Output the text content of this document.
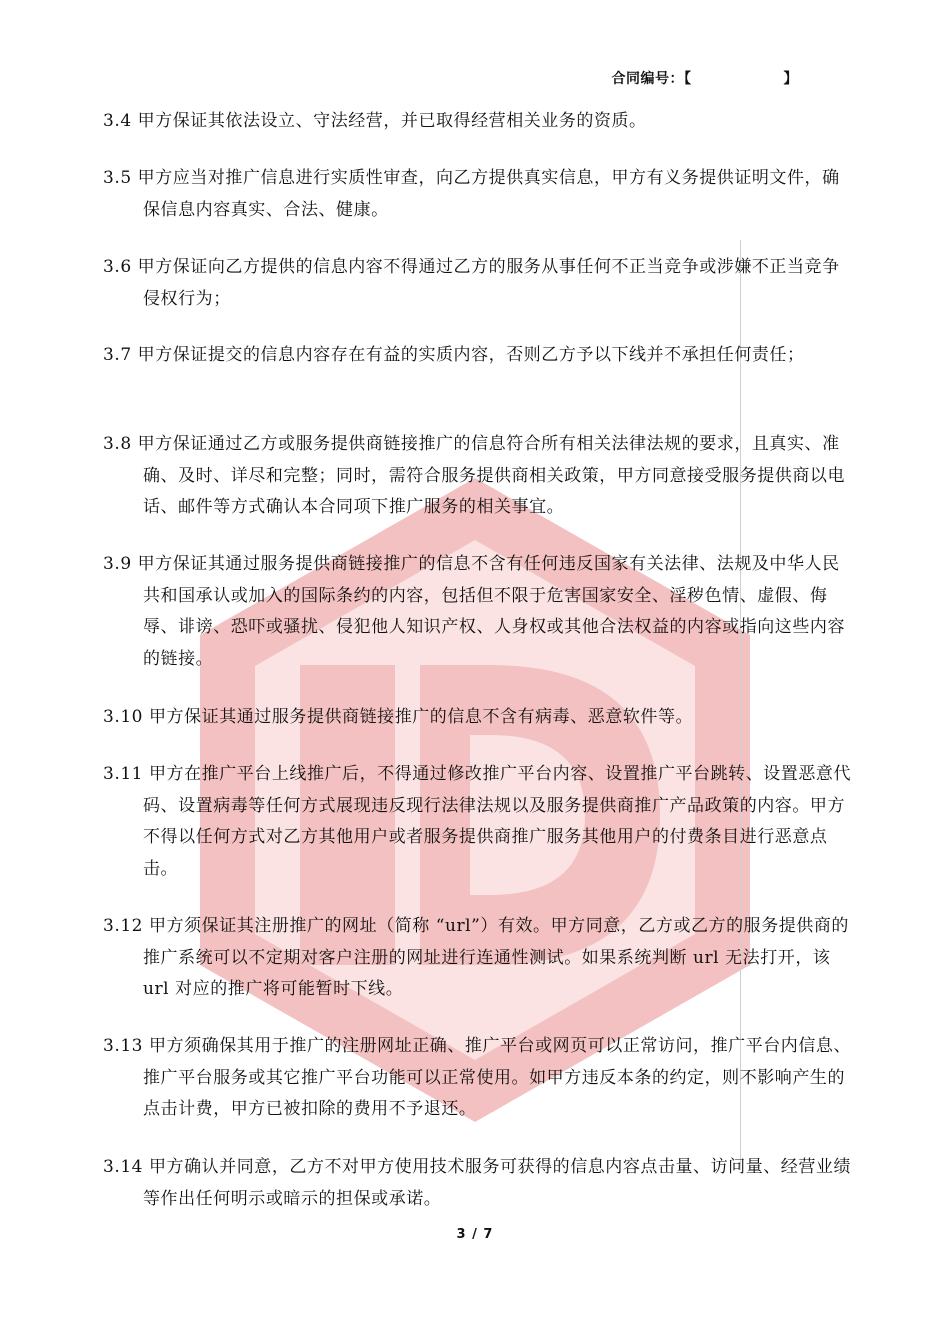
合同编号：【	】
3.4 甲方保证其依法设立、守法经营，并已取得经营相关业务的资质。
3.5 甲方应当对推广信息进行实质性审查，向乙方提供真实信息，甲方有义务提供证明文件，确保信息内容真实、合法、健康。
3.6 甲方保证向乙方提供的信息内容不得通过乙方的服务从事任何不正当竞争或涉嫌不正当竞争侵权行为；
3.7 甲方保证提交的信息内容存在有益的实质内容，否则乙方予以下线并不承担任何责任；
3.8 甲方保证通过乙方或服务提供商链接推广的信息符合所有相关法律法规的要求，且真实、准确、及时、详尽和完整；同时，需符合服务提供商相关政策，甲方同意接受服务提供商以电话、邮件等方式确认本合同项下推广服务的相关事宜。
3.9 甲方保证其通过服务提供商链接推广的信息不含有任何违反国家有关法律、法规及中华人民共和国承认或加入的国际条约的内容，包括但不限于危害国家安全、淫秽色情、虚假、侮辱、诽谤、恐吓或骚扰、侵犯他人知识产权、人身权或其他合法权益的内容或指向这些内容的链接。
3.10 甲方保证其通过服务提供商链接推广的信息不含有病毒、恶意软件等。
3.11 甲方在推广平台上线推广后，不得通过修改推广平台内容、设置推广平台跳转、设置恶意代码、设置病毒等任何方式展现违反现行法律法规以及服务提供商推广产品政策的内容。甲方不得以任何方式对乙方其他用户或者服务提供商推广服务其他用户的付费条目进行恶意点击。
3.12 甲方须保证其注册推广的网址（简称 “url”）有效。甲方同意，乙方或乙方的服务提供商的推广系统可以不定期对客户注册的网址进行连通性测试。如果系统判断 url 无法打开，该 url 对应的推广将可能暂时下线。
3.13 甲方须确保其用于推广的注册网址正确、推广平台或网页可以正常访问，推广平台内信息、推广平台服务或其它推广平台功能可以正常使用。如甲方违反本条的约定，则不影响产生的点击计费，甲方已被扣除的费用不予退还。
3.14 甲方确认并同意，乙方不对甲方使用技术服务可获得的信息内容点击量、访问量、经营业绩等作出任何明示或暗示的担保或承诺。
3 / 7
